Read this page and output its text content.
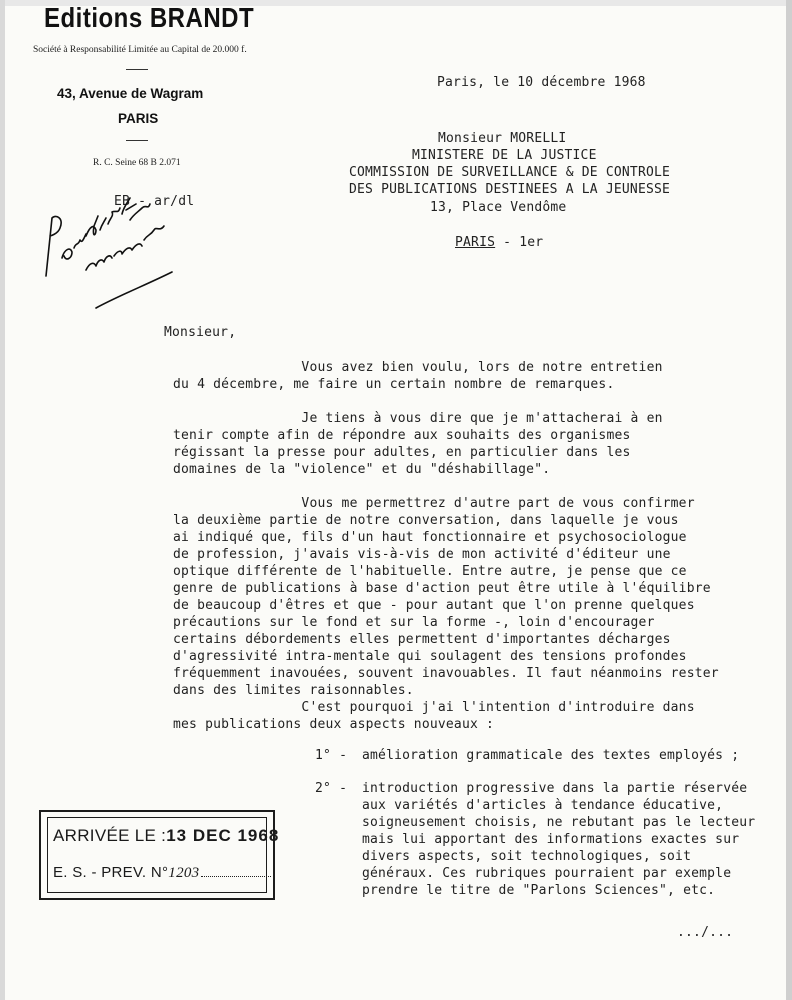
Editions BRANDT
Société à Responsabilité Limitée au Capital de 20.000 f.
43, Avenue de Wagram
PARIS
R. C. Seine 68 B 2.071
Paris, le 10 décembre 1968
Monsieur MORELLI
MINISTERE DE LA JUSTICE
COMMISSION DE SURVEILLANCE & DE CONTROLE
DES PUBLICATIONS DESTINEES A LA JEUNESSE
13, Place Vendôme
PARIS - 1er
EB - ar/dl
Monsieur,
Vous avez bien voulu, lors de notre entretien
du 4 décembre, me faire un certain nombre de remarques.
Je tiens à vous dire que je m'attacherai à en
tenir compte afin de répondre aux souhaits des organismes
régissant la presse pour adultes, en particulier dans les
domaines de la "violence" et du "déshabillage".
Vous me permettrez d'autre part de vous confirmer
la deuxième partie de notre conversation, dans laquelle je vous
ai indiqué que, fils d'un haut fonctionnaire et psychosociologue
de profession, j'avais vis-à-vis de mon activité d'éditeur une
optique différente de l'habituelle. Entre autre, je pense que ce
genre de publications à base d'action peut être utile à l'équilibre
de beaucoup d'êtres et que - pour autant que l'on prenne quelques
précautions sur le fond et sur la forme -, loin d'encourager
certains débordements elles permettent d'importantes décharges
d'agressivité intra-mentale qui soulagent des tensions profondes
fréquemment inavouées, souvent inavouables. Il faut néanmoins rester
dans des limites raisonnables.
C'est pourquoi j'ai l'intention d'introduire dans
mes publications deux aspects nouveaux :
1° - amélioration grammaticale des textes employés ;
2° - introduction progressive dans la partie réservée
aux variétés d'articles à tendance éducative,
soigneusement choisis, ne rebutant pas le lecteur
mais lui apportant des informations exactes sur
divers aspects, soit technologiques, soit
généraux. Ces rubriques pourraient par exemple
prendre le titre de "Parlons Sciences", etc.
.../...
ARRIVÉE LE :13 DEC 1968
E. S. - PREV. N°1203
